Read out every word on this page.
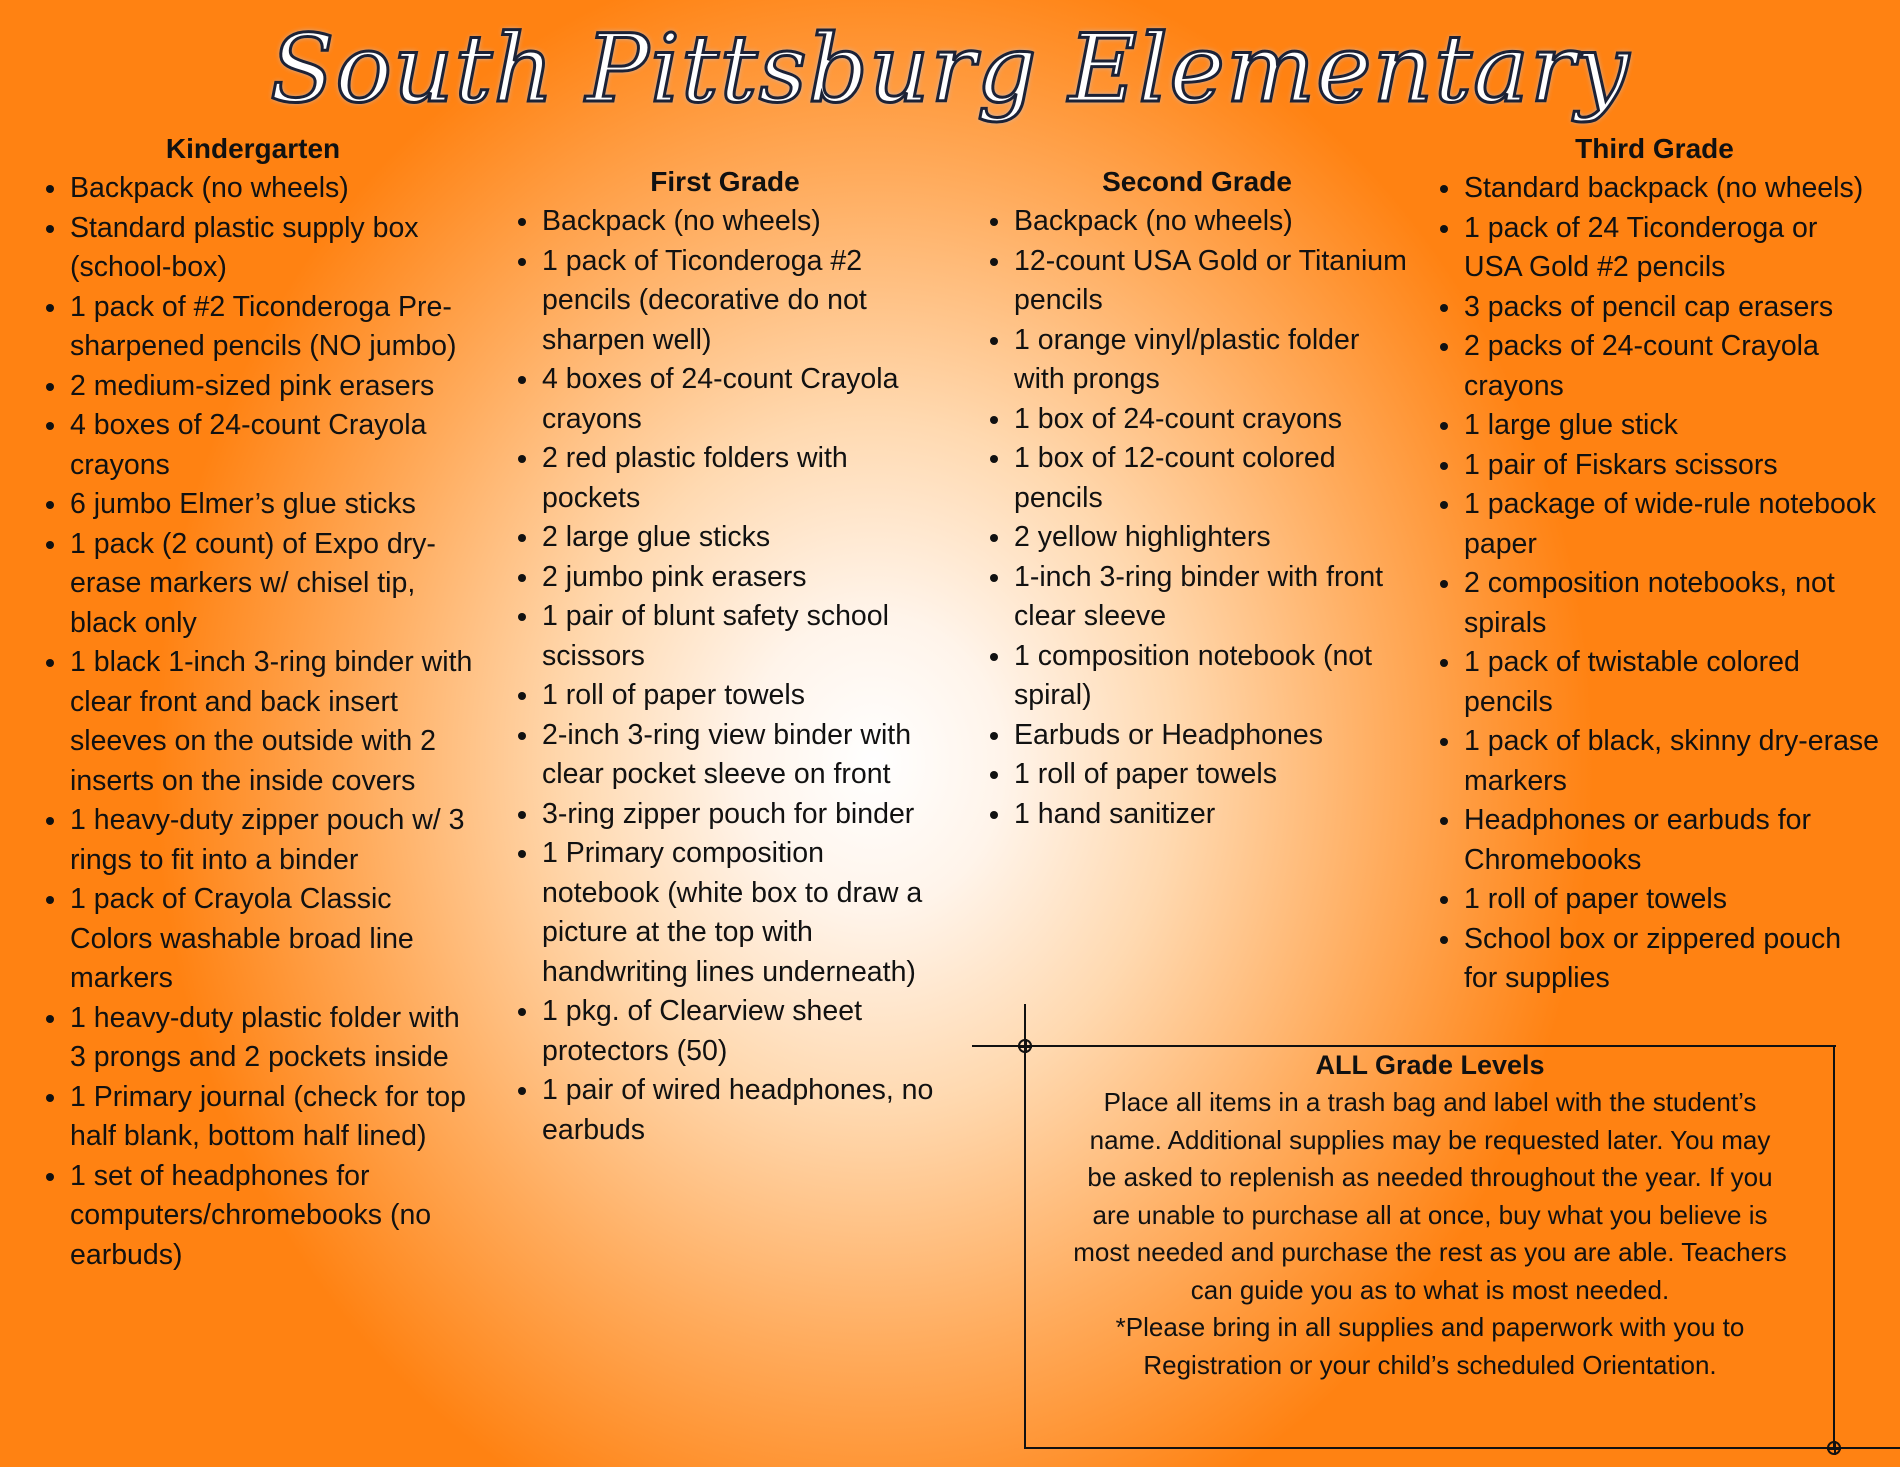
South Pittsburg Elementary
Kindergarten
• Backpack (no wheels)
• Standard plastic supply box (school-box)
• 1 pack of #2 Ticonderoga Pre-sharpened pencils (NO jumbo)
• 2 medium-sized pink erasers
• 4 boxes of 24-count Crayola crayons
• 6 jumbo Elmer’s glue sticks
• 1 pack (2 count) of Expo dry-erase markers w/ chisel tip, black only
• 1 black 1-inch 3-ring binder with clear front and back insert sleeves on the outside with 2 inserts on the inside covers
• 1 heavy-duty zipper pouch w/ 3 rings to fit into a binder
• 1 pack of Crayola Classic Colors washable broad line markers
• 1 heavy-duty plastic folder with 3 prongs and 2 pockets inside
• 1 Primary journal (check for top half blank, bottom half lined)
• 1 set of headphones for computers/chromebooks (no earbuds)
First Grade
• Backpack (no wheels)
• 1 pack of Ticonderoga #2 pencils (decorative do not sharpen well)
• 4 boxes of 24-count Crayola crayons
• 2 red plastic folders with pockets
• 2 large glue sticks
• 2 jumbo pink erasers
• 1 pair of blunt safety school scissors
• 1 roll of paper towels
• 2-inch 3-ring view binder with clear pocket sleeve on front
• 3-ring zipper pouch for binder
• 1 Primary composition notebook (white box to draw a picture at the top with handwriting lines underneath)
• 1 pkg. of Clearview sheet protectors (50)
• 1 pair of wired headphones, no earbuds
Second Grade
• Backpack (no wheels)
• 12-count USA Gold or Titanium pencils
• 1 orange vinyl/plastic folder with prongs
• 1 box of 24-count crayons
• 1 box of 12-count colored pencils
• 2 yellow highlighters
• 1-inch 3-ring binder with front clear sleeve
• 1 composition notebook (not spiral)
• Earbuds or Headphones
• 1 roll of paper towels
• 1 hand sanitizer
Third Grade
• Standard backpack (no wheels)
• 1 pack of 24 Ticonderoga or USA Gold #2 pencils
• 3 packs of pencil cap erasers
• 2 packs of 24-count Crayola crayons
• 1 large glue stick
• 1 pair of Fiskars scissors
• 1 package of wide-rule notebook paper
• 2 composition notebooks, not spirals
• 1 pack of twistable colored pencils
• 1 pack of black, skinny dry-erase markers
• Headphones or earbuds for Chromebooks
• 1 roll of paper towels
• School box or zippered pouch for supplies
ALL Grade Levels

Place all items in a trash bag and label with the student’s

name. Additional supplies may be requested later. You may

be asked to replenish as needed throughout the year. If you

are unable to purchase all at once, buy what you believe is

most needed and purchase the rest as you are able. Teachers

can guide you as to what is most needed.

*Please bring in all supplies and paperwork with you to

Registration or your child’s scheduled Orientation.
